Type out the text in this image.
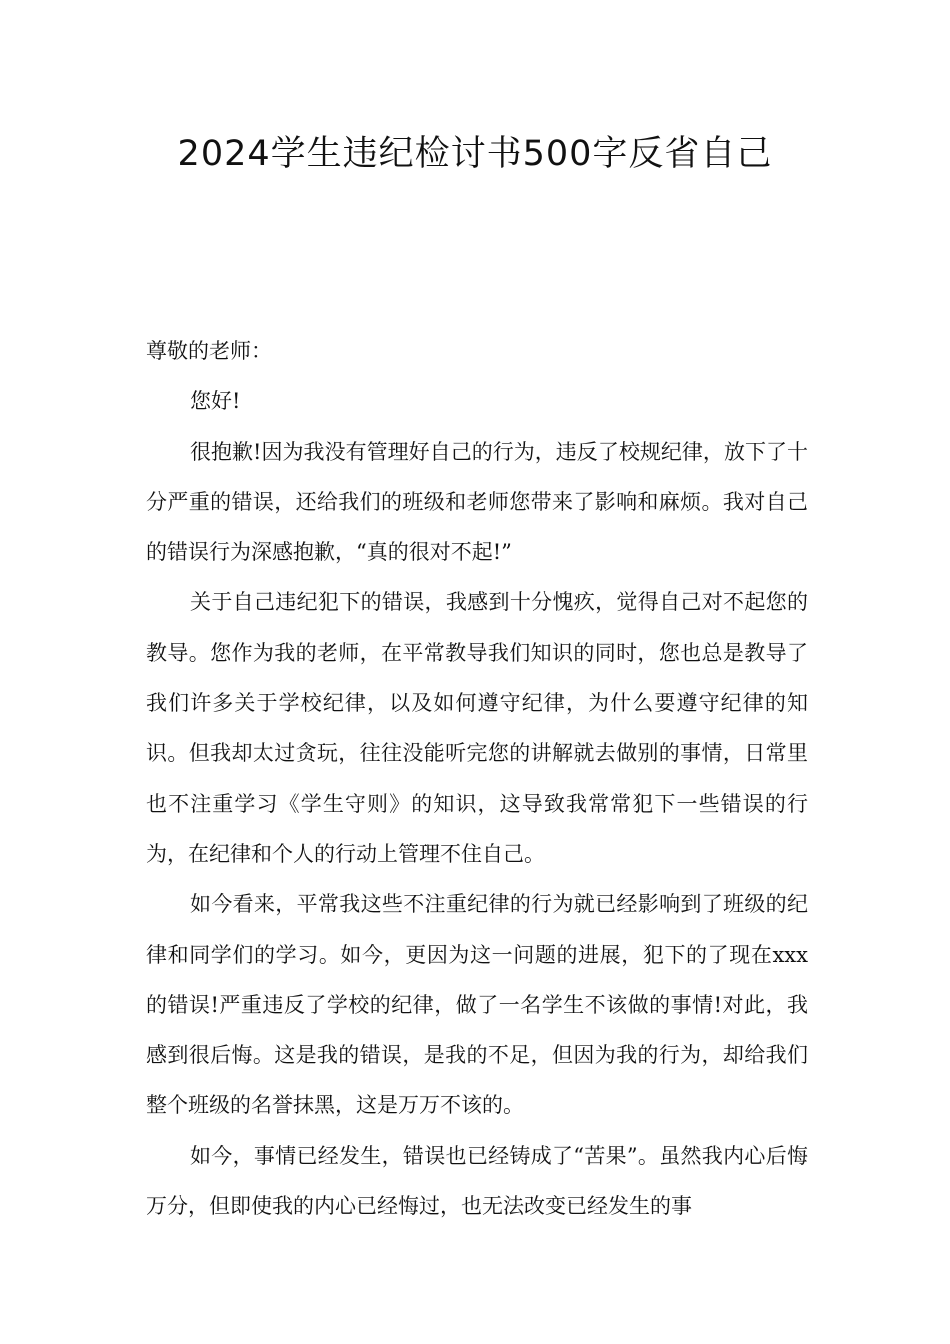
2024学生违纪检讨书500字反省自己

尊敬的老师：

您好!

很抱歉!因为我没有管理好自己的行为，违反了校规纪律，放下了十分严重的错误，还给我们的班级和老师您带来了影响和麻烦。我对自己的错误行为深感抱歉，“真的很对不起!”

关于自己违纪犯下的错误，我感到十分愧疚，觉得自己对不起您的教导。您作为我的老师，在平常教导我们知识的同时，您也总是教导了我们许多关于学校纪律，以及如何遵守纪律，为什么要遵守纪律的知识。但我却太过贪玩，往往没能听完您的讲解就去做别的事情，日常里也不注重学习《学生守则》的知识，这导致我常常犯下一些错误的行为，在纪律和个人的行动上管理不住自己。

如今看来，平常我这些不注重纪律的行为就已经影响到了班级的纪律和同学们的学习。如今，更因为这一问题的进展，犯下的了现在xxx的错误!严重违反了学校的纪律，做了一名学生不该做的事情!对此，我感到很后悔。这是我的错误，是我的不足，但因为我的行为，却给我们整个班级的名誉抹黑，这是万万不该的。

如今，事情已经发生，错误也已经铸成了“苦果”。虽然我内心后悔万分，但即使我的内心已经悔过，也无法改变已经发生的事
